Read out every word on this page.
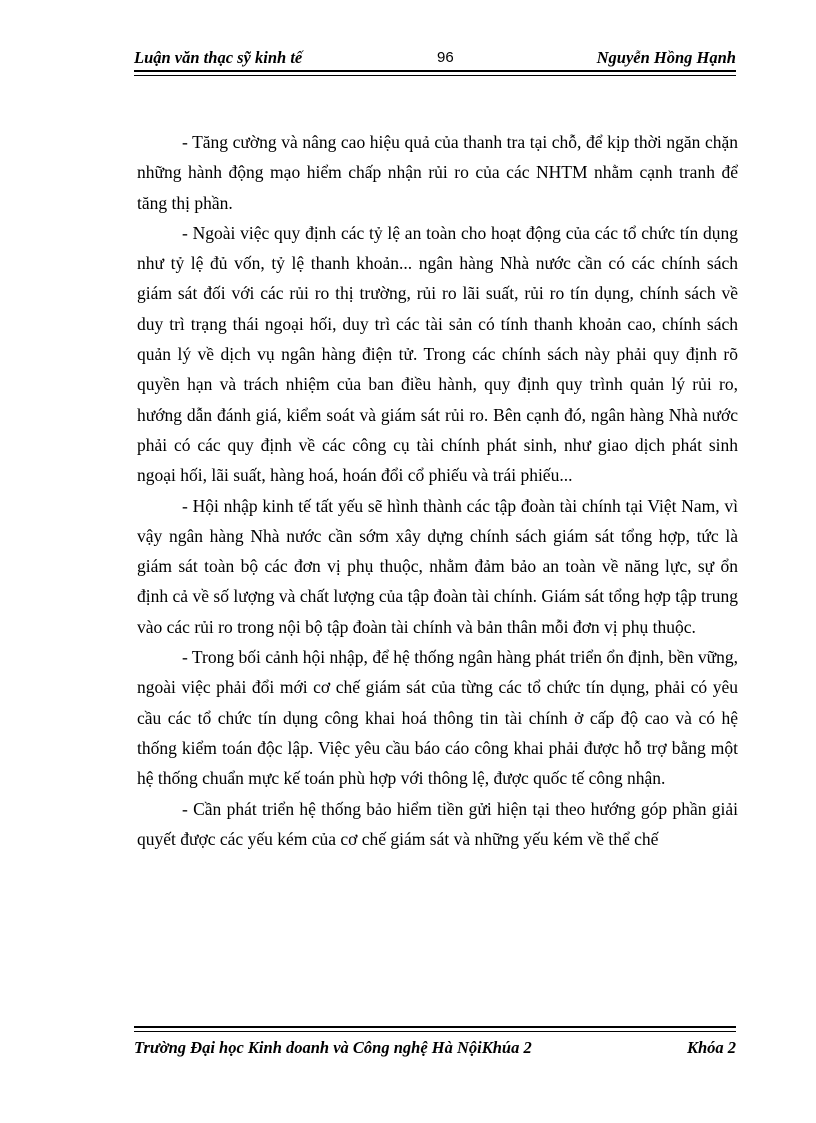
Luận văn thạc sỹ kinh tế	96	Nguyễn Hồng Hạnh

- Tăng cường và nâng cao hiệu quả của thanh tra tại chỗ, để kịp thời ngăn chặn những hành động mạo hiểm chấp nhận rủi ro của các NHTM nhằm cạnh tranh để tăng thị phần.

- Ngoài việc quy định các tỷ lệ an toàn cho hoạt động của các tổ chức tín dụng như tỷ lệ đủ vốn, tỷ lệ thanh khoản... ngân hàng Nhà nước cần có các chính sách giám sát đối với các rủi ro thị trường, rủi ro lãi suất, rủi ro tín dụng, chính sách về duy trì trạng thái ngoại hối, duy trì các tài sản có tính thanh khoản cao, chính sách quản lý về dịch vụ ngân hàng điện tử. Trong các chính sách này phải quy định rõ quyền hạn và trách nhiệm của ban điều hành, quy định quy trình quản lý rủi ro, hướng dẫn đánh giá, kiểm soát và giám sát rủi ro. Bên cạnh đó, ngân hàng Nhà nước phải có các quy định về các công cụ tài chính phát sinh, như giao dịch phát sinh ngoại hối, lãi suất, hàng hoá, hoán đổi cổ phiếu và trái phiếu...

- Hội nhập kinh tế tất yếu sẽ hình thành các tập đoàn tài chính tại Việt Nam, vì vậy ngân hàng Nhà nước cần sớm xây dựng chính sách giám sát tổng hợp, tức là giám sát toàn bộ các đơn vị phụ thuộc, nhằm đảm bảo an toàn về năng lực, sự ổn định cả về số lượng và chất lượng của tập đoàn tài chính. Giám sát tổng hợp tập trung vào các rủi ro trong nội bộ tập đoàn tài chính và bản thân mỗi đơn vị phụ thuộc.

- Trong bối cảnh hội nhập, để hệ thống ngân hàng phát triển ổn định, bền vững, ngoài việc phải đổi mới cơ chế giám sát của từng các tổ chức tín dụng, phải có yêu cầu các tổ chức tín dụng công khai hoá thông tin tài chính ở cấp độ cao và có hệ thống kiểm toán độc lập. Việc yêu cầu báo cáo công khai phải được hỗ trợ bằng một hệ thống chuẩn mực kế toán phù hợp với thông lệ, được quốc tế công nhận.

- Cần phát triển hệ thống bảo hiểm tiền gửi hiện tại theo hướng góp phần giải quyết được các yếu kém của cơ chế giám sát và những yếu kém về thể chế

Trường Đại học Kinh doanh và Công nghệ Hà NộiKhúa 2	Khóa 2
